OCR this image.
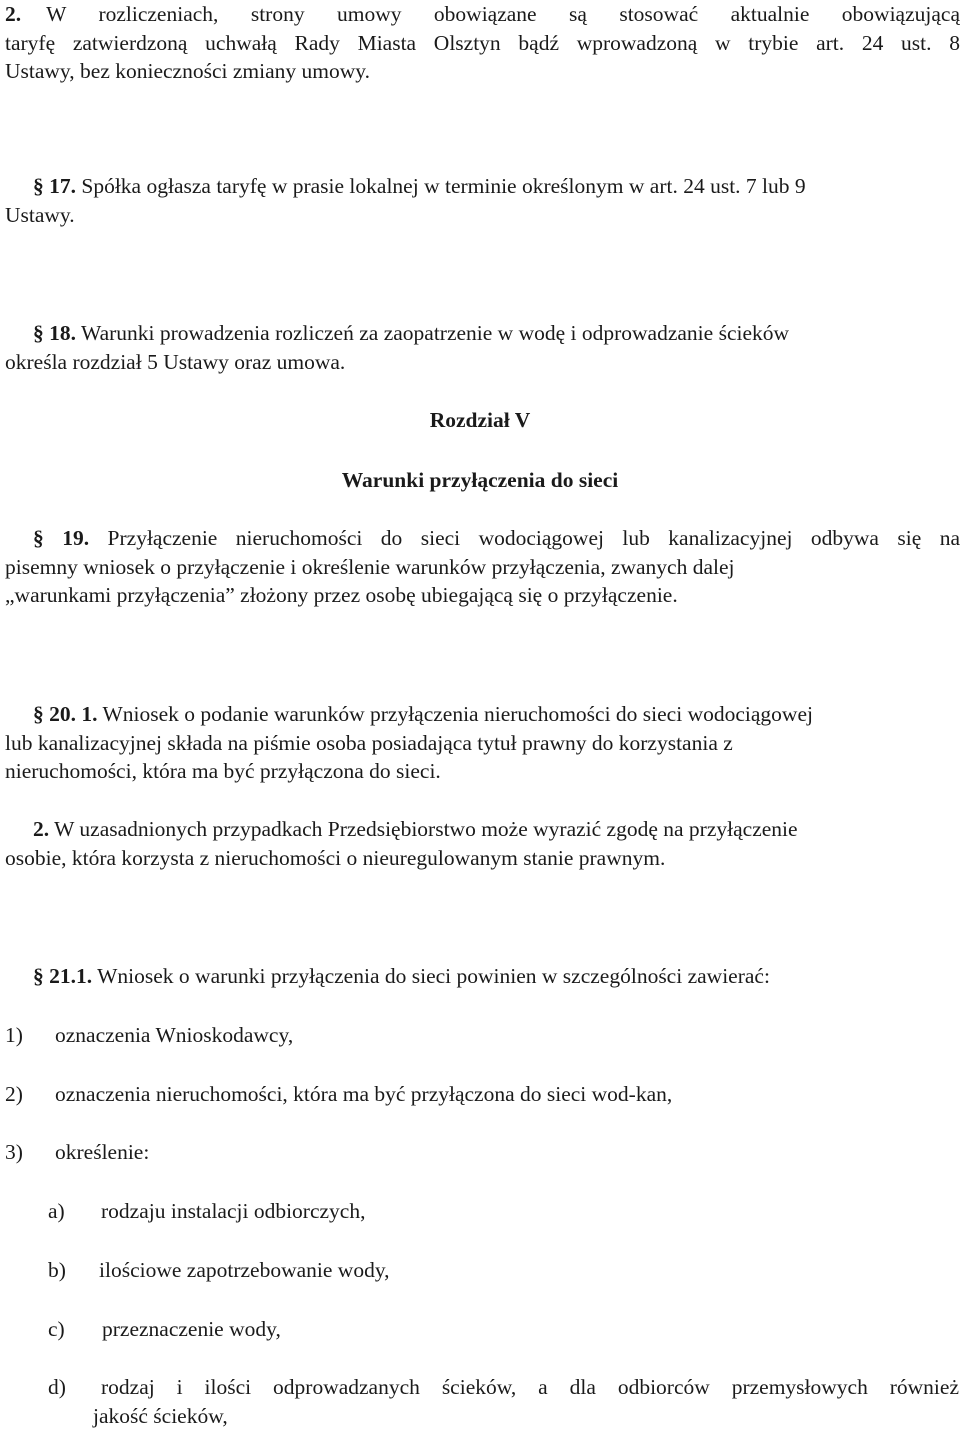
2. W rozliczeniach, strony umowy obowiązane są stosować aktualnie obowiązującą
taryfę zatwierdzoną uchwałą Rady Miasta Olsztyn bądź wprowadzoną w trybie art. 24 ust. 8
Ustawy, bez konieczności zmiany umowy.
§ 17. Spółka ogłasza taryfę w prasie lokalnej w terminie określonym w art. 24 ust. 7 lub 9
Ustawy.
§ 18. Warunki prowadzenia rozliczeń za zaopatrzenie w wodę i odprowadzanie ścieków
określa rozdział 5 Ustawy oraz umowa.
Rozdział V
Warunki przyłączenia do sieci
§ 19. Przyłączenie nieruchomości do sieci wodociągowej lub kanalizacyjnej odbywa się na
pisemny wniosek o przyłączenie i określenie warunków przyłączenia, zwanych dalej
„warunkami przyłączenia” złożony przez osobę ubiegającą się o przyłączenie.
§ 20. 1. Wniosek o podanie warunków przyłączenia nieruchomości do sieci wodociągowej
lub kanalizacyjnej składa na piśmie osoba posiadająca tytuł prawny do korzystania z
nieruchomości, która ma być przyłączona do sieci.
2. W uzasadnionych przypadkach Przedsiębiorstwo może wyrazić zgodę na przyłączenie
osobie, która korzysta z nieruchomości o nieuregulowanym stanie prawnym.
§ 21.1. Wniosek o warunki przyłączenia do sieci powinien w szczególności zawierać:
1) oznaczenia Wnioskodawcy,
2) oznaczenia nieruchomości, która ma być przyłączona do sieci wod-kan,
3) określenie:
a) rodzaju instalacji odbiorczych,
b) ilościowe zapotrzebowanie wody,
c) przeznaczenie wody,
d)	rodzaj i ilości odprowadzanych ścieków, a dla odbiorców przemysłowych również
jakość ścieków,
